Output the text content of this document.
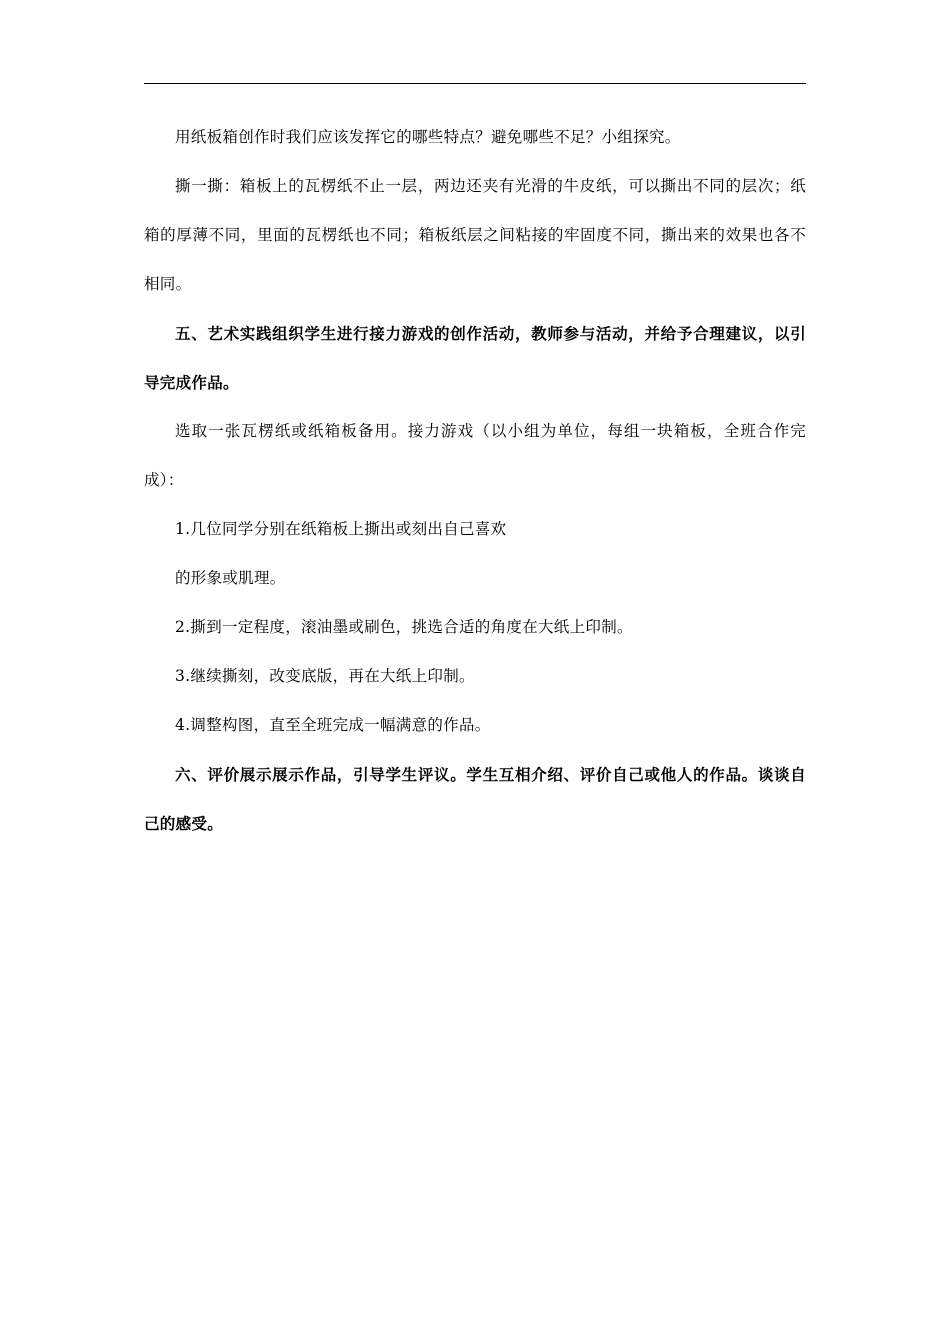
用纸板箱创作时我们应该发挥它的哪些特点？避免哪些不足？小组探究。

撕一撕：箱板上的瓦楞纸不止一层，两边还夹有光滑的牛皮纸，可以撕出不同的层次；纸箱的厚薄不同，里面的瓦楞纸也不同；箱板纸层之间粘接的牢固度不同，撕出来的效果也各不相同。

五、艺术实践组织学生进行接力游戏的创作活动，教师参与活动，并给予合理建议，以引导完成作品。

选取一张瓦楞纸或纸箱板备用。接力游戏（以小组为单位，每组一块箱板，全班合作完成）：

1.几位同学分别在纸箱板上撕出或刻出自己喜欢

的形象或肌理。

2.撕到一定程度，滚油墨或刷色，挑选合适的角度在大纸上印制。

3.继续撕刻，改变底版，再在大纸上印制。

4.调整构图，直至全班完成一幅满意的作品。

六、评价展示展示作品，引导学生评议。学生互相介绍、评价自己或他人的作品。谈谈自己的感受。
